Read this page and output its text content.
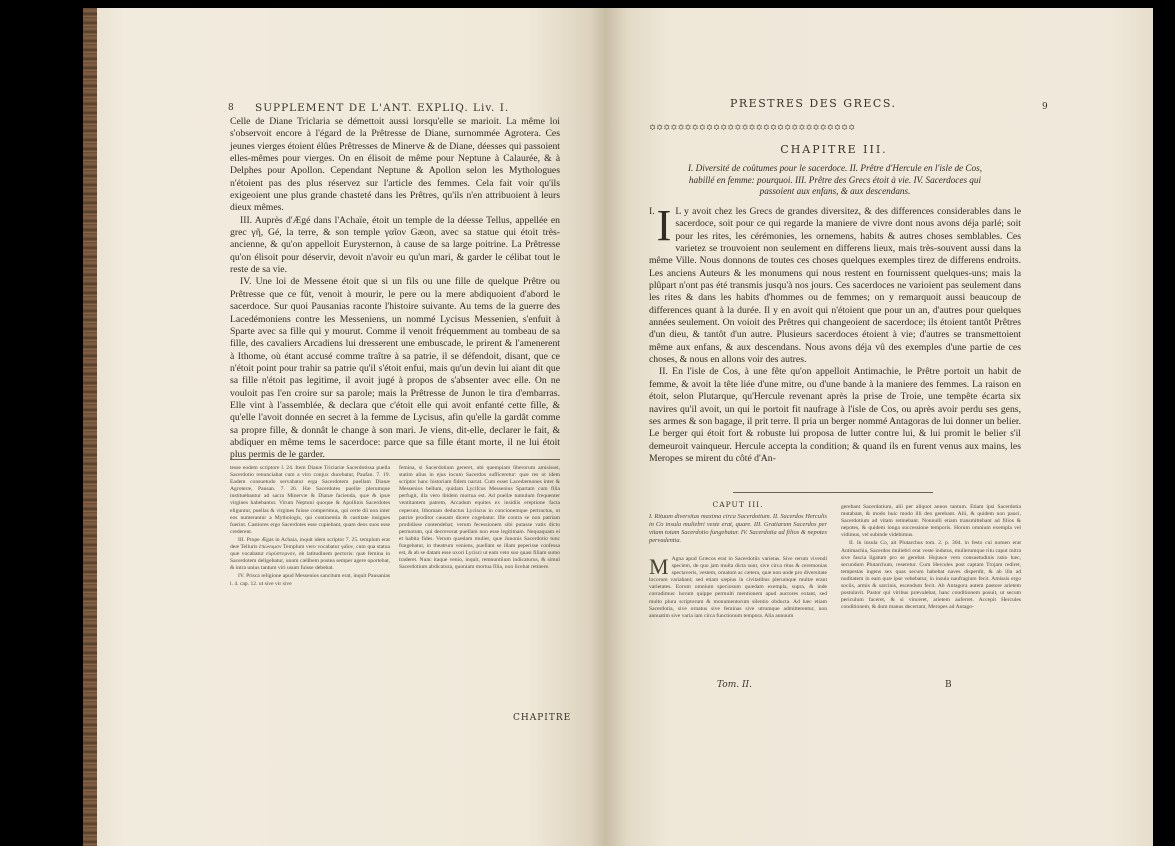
8 SUPPLEMENT DE L'ANT. EXPLIQ. Liv. I.

Celle de Diane Triclaria se démettoit aussi lorsqu'elle se marioit. La même loi s'observoit encore à l'égard de la Prêtresse de Diane, surnommée Agrotera. Ces jeunes vierges étoient élûes Prêtresses de Minerve & de Diane, déesses qui passoient elles-mêmes pour vierges. On en élisoit de même pour Neptune à Calaurée, & à Delphes pour Apollon. Cependant Neptune & Apollon selon les Mythologues n'étoient pas des plus réservez sur l'article des femmes. Cela fait voir qu'ils exigeoient une plus grande chasteté dans les Prêtres, qu'ils n'en attribuoient à leurs dieux mêmes.

III. Auprès d'Ægé dans l'Achaïe, étoit un temple de la déesse Tellus, appellée en grec γῆ, Gé, la terre, & son temple γαῖον Gæon, avec sa statue qui étoit très-ancienne, & qu'on appelloit Eurysternon, à cause de sa large poitrine. La Prêtresse qu'on élisoit pour déservir, devoit n'avoir eu qu'un mari, & garder le célibat tout le reste de sa vie.

IV. Une loi de Messene étoit que si un fils ou une fille de quelque Prêtre ou Prêtresse que ce fût, venoit à mourir, le pere ou la mere abdiquoient d'abord le sacerdoce. Sur quoi Pausanias raconte l'histoire suivante. Au tems de la guerre des Lacedémoniens contre les Messeniens, un nommé Lycisus Messenien, s'enfuit à Sparte avec sa fille qui y mourut. Comme il venoit fréquemment au tombeau de sa fille, des cavaliers Arcadiens lui dresserent une embuscade, le prirent & l'amenerent à Ithome, où étant accusé comme traître à sa patrie, il se défendoit, disant, que ce n'étoit point pour trahir sa patrie qu'il s'étoit enfui, mais qu'un devin lui aïant dit que sa fille n'étoit pas legitime, il avoit jugé à propos de s'absenter avec elle. On ne vouloit pas l'en croire sur sa parole; mais la Prêtresse de Junon le tira d'embarras. Elle vint à l'assemblée, & declara que c'étoit elle qui avoit enfanté cette fille, & qu'elle l'avoit donnée en secret à la femme de Lycisus, afin qu'elle la gardât comme sa propre fille, & donnât le change à son mari. Je viens, dit-elle, declarer le fait, & abdiquer en même tems le sacerdoce: parce que sa fille étant morte, il ne lui étoit plus permis de le garder.

tesse eodem scriptore l. 24. Item Dianæ Triclariæ Sacerdotissa puella Sacerdotio renunciabat cum a viro conjux ducebatur, Paufan. 7. 19. Eadem consuetudo servabatur erga Sacerdotem puellam Dianæ Agroteræ, Pausan. 7. 26. Hæ Sacerdotes puellæ plerumque instituebantur ad sacra Minervæ & Dianæ facienda, quæ & ipsæ virgines habebantur. Virum Neptuni quoque & Apollinis Sacerdotes eliguntur, puellas & virgines fuisse comperimus, qui certe dii non inter eos numerantur a Mythologis, qui continentia & castitate insignes fuerint. Castiores ergo Sacerdotes esse cupiebant, quam deos suos esse crederent.

III. Prope Ægas in Achaia, inquit idem scriptor 7. 25. templum erat deæ Telluris ἐπώνυμον Templum vero vocabatur γαῖον, cum qua statua quæ vocabatur εὐρύστερνον, ob latitudinem pectoris: quæ femina in Sacerdotem deligebatur, unum cælibem postea semper agere oportebat, & intra unius tantum viri usum fuisse debebat.

IV. Prisca religione apud Messenios sancitum erat, inquit Pausanias l. 4. cap. 12. ut sive vir sive

femina, si Sacerdotium gereret, ubi quempiam liberorum amisisset, statim alius in ejus locum Sacerdos sufficeretur: quæ res ut idem scriptor hanc historiam fidem narrat. Cum esset Lacedæmones inter & Messenios bellum, quidam Lycifcus Messenius Spartam cum filia perfugit, illa vero ibidem mortua est. Ad puellæ tumulum frequenter ventitantem patrem, Arcadum equites ex insidiis ereptione facta ceperunt, Ithomam deductus Lyciscus in concionemque pertractus, ut patriæ proditor causam dicere cogebatur. Ille contra se non patriam prodidisse contendebat; verum fecessionem sibi putasse vatis dicto permotum, qui decreverat puellam non esse legitimam. Nequaquam ei et habita fides. Verum quædam mulier, quæ Junonis Sacerdotio tunc fungebatur, in theatrum veniens, puellam se illam peperisse confessa est, & ab se datam esse uxori Lycisci ut eam veto suo quasi filiam sumo traderet. Nunc itaque venio, inquit, remnuntiium indicaturus, & simul Sacerdotium abdicatura, quoniam mortua filia, non licebat retinere.

CHAPITRE
PRESTRES DES GRECS.	9
꙳꙳꙳꙳꙳꙳꙳꙳꙳꙳꙳꙳꙳꙳꙳꙳꙳꙳꙳꙳꙳꙳꙳꙳꙳꙳꙳꙳꙳
CHAPITRE III.
I. Diversité de coûtumes pour le sacerdoce. II. Prêtre d'Hercule en l'isle de Cos, habillé en femme: pourquoi. III. Prêtre des Grecs étoit à vie. IV. Sacerdoces qui passoient aux enfans, & aux descendans.

I. I L y avoit chez les Grecs de grandes diversitez, & des differences considerables dans le sacerdoce, soit pour ce qui regarde la maniere de vivre dont nous avons déja parlé; soit pour les rites, les cérémonies, les ornemens, habits & autres choses semblables. Ces varietez se trouvoient non seulement en differens lieux, mais très-souvent aussi dans la même Ville. Nous donnons de toutes ces choses quelques exemples tirez de differens endroits. Les anciens Auteurs & les monumens qui nous restent en fournissent quelques-uns; mais la plûpart n'ont pas été transmis jusqu'à nos jours. Ces sacerdoces ne varioient pas seulement dans les rites & dans les habits d'hommes ou de femmes; on y remarquoit aussi beaucoup de differences quant à la durée. Il y en avoit qui n'étoient que pour un an, d'autres pour quelques années seulement. On voioit des Prêtres qui changeoient de sacerdoce; ils étoient tantôt Prêtres d'un dieu, & tantôt d'un autre. Plusieurs sacerdoces étoient à vie; d'autres se transmettoient même aux enfans, & aux descendans. Nous avons déja vû des exemples d'une partie de ces choses, & nous en allons voir des autres.

II. En l'isle de Cos, à une fête qu'on appelloit Antimachie, le Prêtre portoit un habit de femme, & avoit la tête liée d'une mitre, ou d'une bande à la maniere des femmes. La raison en étoit, selon Plutarque, qu'Hercule revenant après la prise de Troie, une tempête écarta six navires qu'il avoit, un qui le portoit fit naufrage à l'isle de Cos, ou après avoir perdu ses gens, ses armes & son bagage, il prit terre. Il pria un berger nommé Antagoras de lui donner un belier. Le berger qui étoit fort & robuste lui proposa de lutter contre lui, & lui promit le belier s'il demeuroit vainqueur. Hercule accepta la condition; & quand ils en furent venus aux mains, les Meropes se mirent du côté d'An-

CAPUT III.
I. Rituum diversitas maxima circa Sacerdotium. II. Sacerdos Herculis in Co insula muliebri veste erat, quare. III. Gratiarum Sacerdos per vitam totam Sacerdotio fungebatur. IV. Sacerdotia ad filios & nepotes pervadentia.

M Agna apud Græcos erat in Sacerdotiis varietas. Sive rerum vivendi speciem, de quo jam multa dicta sunt, sive circa ritus & ceremonias spectaveris, vestem, ornatum ac cætera, quæ non unde pro diversitate locorum variabant; sed etiam sæpius in civitatibus plerumque multæ erant varietates. Eorum omnium speciosum quædam exempla, supra, & inde corradimus: horum quippe permulti mentionem apud auctores extant, sed multo plura scriptorum & monumentorum silentio obducta. Ad hæc etiam Sacerdotia, sive ornatus sive feminas sive utrumque admitterentur, non annuatim sive varia iam circa functionum tempora. Alia annuum

gerebant Sacerdotium, alii per aliquot annos tantum. Etiam ipsi Sacerdotia mutabant, & modo huic modo illi deo gerebant. Alii, & quidem non pauci, Sacerdotium ad vitam retinebant. Nonnulli etiam transmittebant ad filios & nepotes, & quidem longa successione temporis. Horum omnium exempla vel vidimus, vel subinde videbimus.

II. In insula Co, ait Plutarchus tom. 2. p. 304. in festo cui nomen erat Antimachia, Sacerdos muliebri erat veste indutus, mulierumque ritu caput mitra sive fascia ligatum pro se gerebat. Hujusce vero consuetudinis ratio hæc, secundum Plutarchum, reseretur. Cum Hercules post captam Trojam rediret, tempestas ingens sex quas secum habebat naves disperdit, & ab illa ad nuditatem in eam quæ ipse vehebatur, in insula naufragium fecit. Amissis ergo sociis, armis & sarcinis, escendum fecit. Ab Antagora autem pastore arietem postulavit. Pastor qui viribus prævalebat, hanc conditionem posuit, ut secum periculum faceret, & si vinceret, arietem auferret. Accepit Hercules conditionem, & dum manus decertant, Meropes ad Antago-

Tom. II.	B
